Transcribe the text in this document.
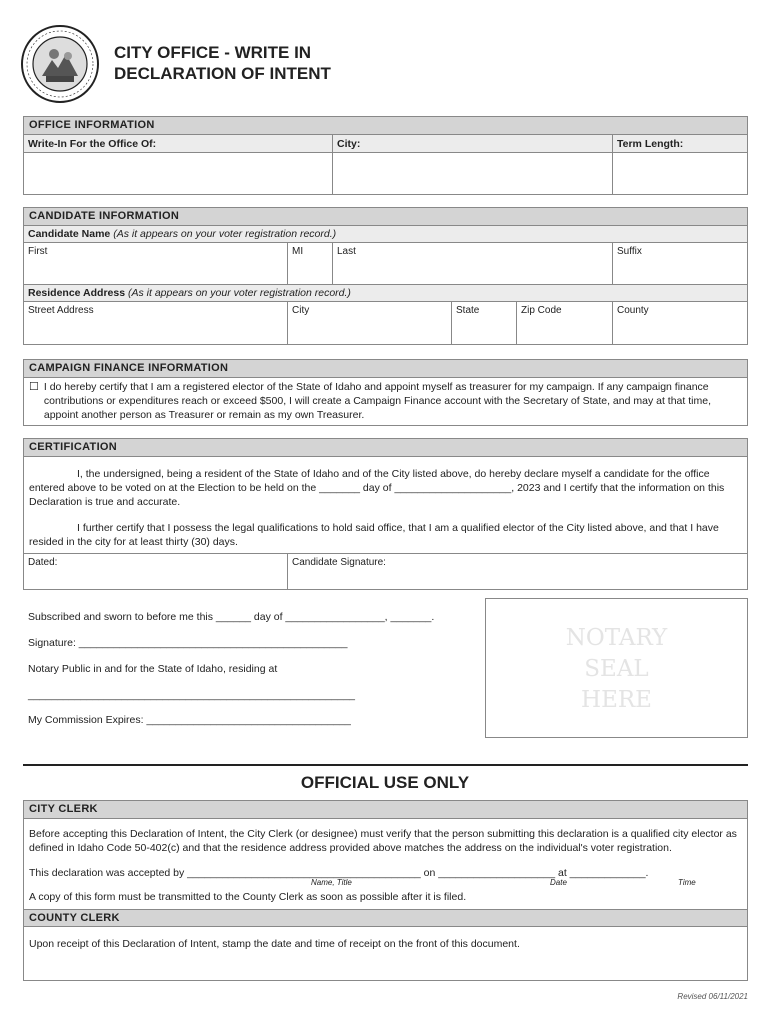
CITY OFFICE - WRITE IN
DECLARATION OF INTENT
OFFICE INFORMATION
Write-In For the Office Of:	City:	Term Length:
CANDIDATE INFORMATION
Candidate Name (As it appears on your voter registration record.)
First	MI	Last	Suffix
Residence Address (As it appears on your voter registration record.)
Street Address	City	State	Zip Code	County
CAMPAIGN FINANCE INFORMATION
☐ I do hereby certify that I am a registered elector of the State of Idaho and appoint myself as treasurer for my campaign. If any campaign finance contributions or expenditures reach or exceed $500, I will create a Campaign Finance account with the Secretary of State, and may at that time, appoint another person as Treasurer or remain as my own Treasurer.
CERTIFICATION
I, the undersigned, being a resident of the State of Idaho and of the City listed above, do hereby declare myself a candidate for the office entered above to be voted on at the Election to be held on the _______ day of ____________________, 2023 and I certify that the information on this Declaration is true and accurate.
I further certify that I possess the legal qualifications to hold said office, that I am a qualified elector of the City listed above, and that I have resided in the city for at least thirty (30) days.
Dated:	Candidate Signature:
Subscribed and sworn to before me this ______ day of _________________, _______.
Signature: ______________________________________________
Notary Public in and for the State of Idaho, residing at
________________________________________________________
My Commission Expires: ___________________________________
NOTARY
SEAL
HERE
OFFICIAL USE ONLY
CITY CLERK
Before accepting this Declaration of Intent, the City Clerk (or designee) must verify that the person submitting this declaration is a qualified city elector as defined in Idaho Code 50-402(c) and that the residence address provided above matches the address on the individual's voter registration.
This declaration was accepted by ________________________________________ on ____________________ at _____________.
Name, Title	Date	Time
A copy of this form must be transmitted to the County Clerk as soon as possible after it is filed.
COUNTY CLERK
Upon receipt of this Declaration of Intent, stamp the date and time of receipt on the front of this document.
Revised 06/11/2021
